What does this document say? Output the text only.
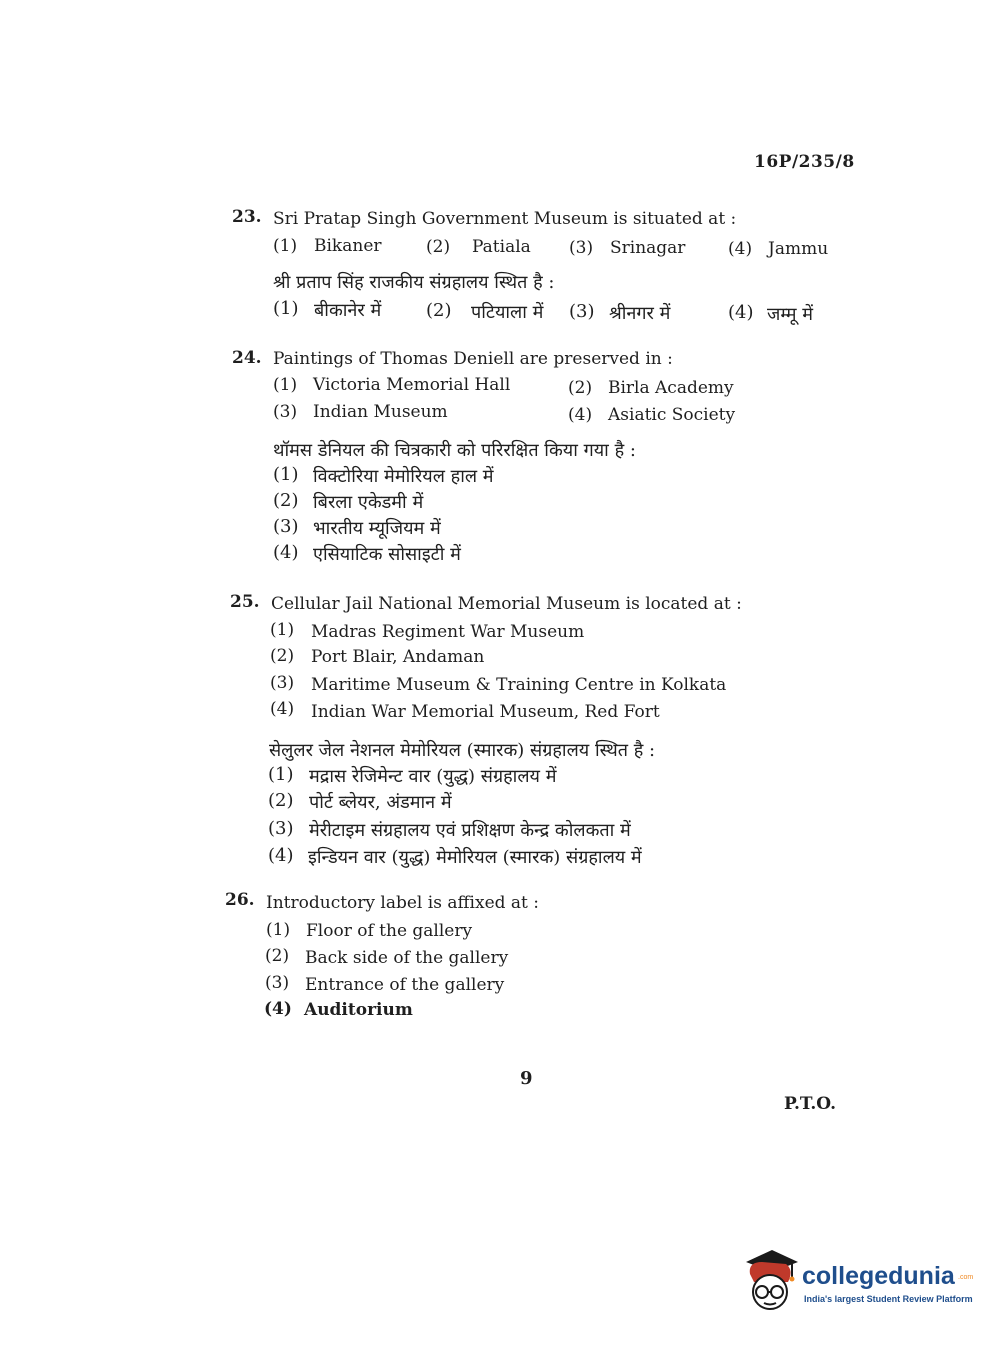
16P/235/8
23. Sri Pratap Singh Government Museum is situated at :
(1) Bikaner	(2) Patiala (3) Srinagar	(4) Jammu
श्री प्रताप सिंह राजकीय संग्रहालय स्थित है :
(1) बीकानेर में (2) पटियाला में (3) श्रीनगर में	(4) जम्मू में
24. Paintings of Thomas Deniell are preserved in :
(1) Victoria Memorial Hall	(2) Birla Academy
(3) Indian Museum	(4) Asiatic Society
थॉमस डेनियल की चित्रकारी को परिरक्षित किया गया है :
(1) विक्टोरिया मेमोरियल हाल में
(2) बिरला एकेडमी में
(3) भारतीय म्यूजियम में
(4) एसियाटिक सोसाइटी में
25. Cellular Jail National Memorial Museum is located at :
(1) Madras Regiment War Museum
(2) Port Blair, Andaman
(3) Maritime Museum & Training Centre in Kolkata
(4) Indian War Memorial Museum, Red Fort
सेलुलर जेल नेशनल मेमोरियल (स्मारक) संग्रहालय स्थित है :
(1) मद्रास रेजिमेन्ट वार (युद्ध) संग्रहालय में
(2) पोर्ट ब्लेयर, अंडमान में
(3) मेरीटाइम संग्रहालय एवं प्रशिक्षण केन्द्र कोलकता में
(4) इन्डियन वार (युद्ध) मेमोरियल (स्मारक) संग्रहालय में
26. Introductory label is affixed at :
(1) Floor of the gallery
(2) Back side of the gallery
(3) Entrance of the gallery
(4) Auditorium
9
P.T.O.
collegedunia .com
India's largest Student Review Platform
